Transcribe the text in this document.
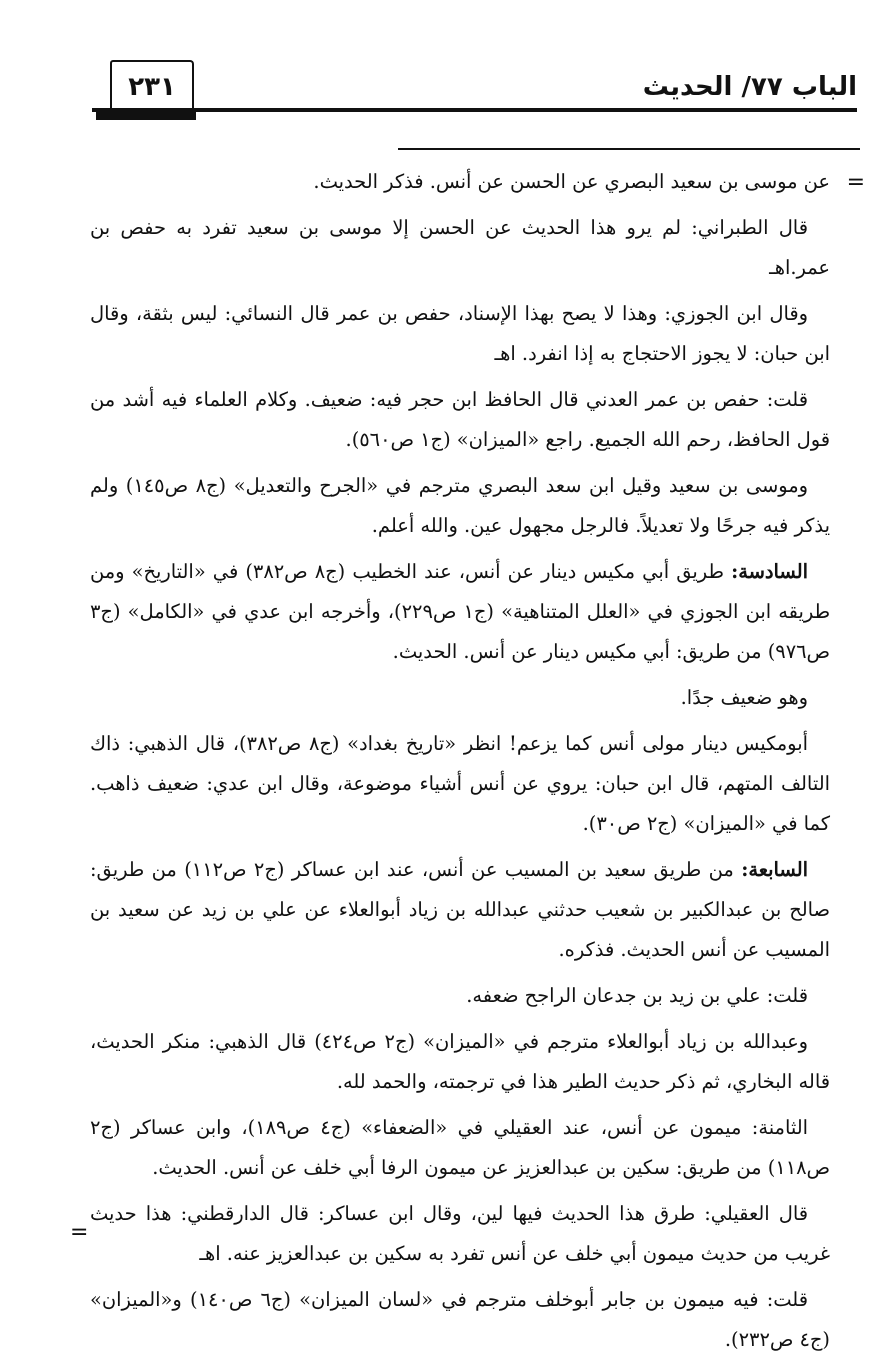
الباب ٧٧/ الحديث
٢٣١
=

عن موسى بن سعيد البصري عن الحسن عن أنس. فذكر الحديث.

قال الطبراني: لم يرو هذا الحديث عن الحسن إلا موسى بن سعيد تفرد به حفص بن عمر.اهـ

وقال ابن الجوزي: وهذا لا يصح بهذا الإسناد، حفص بن عمر قال النسائي: ليس بثقة، وقال ابن حبان: لا يجوز الاحتجاج به إذا انفرد. اهـ

قلت: حفص بن عمر العدني قال الحافظ ابن حجر فيه: ضعيف. وكلام العلماء فيه أشد من قول الحافظ، رحم الله الجميع. راجع «الميزان» (ج١ ص٥٦٠).

وموسى بن سعيد وقيل ابن سعد البصري مترجم في «الجرح والتعديل» (ج٨ ص١٤٥) ولم يذكر فيه جرحًا ولا تعديلاً. فالرجل مجهول عين. والله أعلم.

السادسة: طريق أبي مكيس دينار عن أنس، عند الخطيب (ج٨ ص٣٨٢) في «التاريخ» ومن طريقه ابن الجوزي في «العلل المتناهية» (ج١ ص٢٢٩)، وأخرجه ابن عدي في «الكامل» (ج٣ ص٩٧٦) من طريق: أبي مكيس دينار عن أنس. الحديث.

وهو ضعيف جدًا.

أبومكيس دينار مولى أنس كما يزعم! انظر «تاريخ بغداد» (ج٨ ص٣٨٢)، قال الذهبي: ذاك التالف المتهم، قال ابن حبان: يروي عن أنس أشياء موضوعة، وقال ابن عدي: ضعيف ذاهب. كما في «الميزان» (ج٢ ص٣٠).

السابعة: من طريق سعيد بن المسيب عن أنس، عند ابن عساكر (ج٢ ص١١٢) من طريق: صالح بن عبدالكبير بن شعيب حدثني عبدالله بن زياد أبوالعلاء عن علي بن زيد عن سعيد بن المسيب عن أنس الحديث. فذكره.

قلت: علي بن زيد بن جدعان الراجح ضعفه.

وعبدالله بن زياد أبوالعلاء مترجم في «الميزان» (ج٢ ص٤٢٤) قال الذهبي: منكر الحديث، قاله البخاري، ثم ذكر حديث الطير هذا في ترجمته، والحمد لله.

الثامنة: ميمون عن أنس، عند العقيلي في «الضعفاء» (ج٤ ص١٨٩)، وابن عساكر (ج٢ ص١١٨) من طريق: سكين بن عبدالعزيز عن ميمون الرفا أبي خلف عن أنس. الحديث.

قال العقيلي: طرق هذا الحديث فيها لين، وقال ابن عساكر: قال الدارقطني: هذا حديث غريب من حديث ميمون أبي خلف عن أنس تفرد به سكين بن عبدالعزيز عنه. اهـ

قلت: فيه ميمون بن جابر أبوخلف مترجم في «لسان الميزان» (ج٦ ص١٤٠) و«الميزان» (ج٤ ص٢٣٢).

=
